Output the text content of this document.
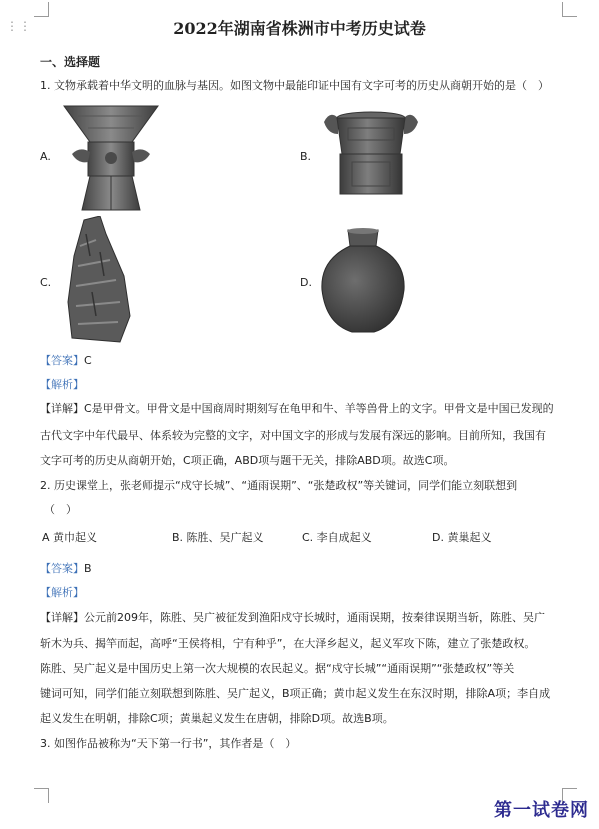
⋮⋮	2022年湖南省株洲市中考历史试卷
一、选择题
1. 文物承载着中华文明的血脉与基因。如图文物中最能印证中国有文字可考的历史从商朝开始的是（　）
A.	B.
C.	D.
【答案】C
【解析】
【详解】C是甲骨文。甲骨文是中国商周时期刻写在龟甲和牛、羊等兽骨上的文字。甲骨文是中国已发现的
古代文字中年代最早、体系较为完整的文字，对中国文字的形成与发展有深远的影响。目前所知，我国有
文字可考的历史从商朝开始，C项正确，ABD项与题干无关，排除ABD项。故选C项。
2. 历史课堂上，张老师提示“戍守长城”、“通雨误期”、“张楚政权”等关键词，同学们能立刻联想到
（　）
A 黄巾起义	B. 陈胜、吴广起义	C. 李自成起义	D. 黄巢起义
【答案】B
【解析】
【详解】公元前209年，陈胜、吴广被征发到渔阳戍守长城时，通雨误期，按秦律误期当斩，陈胜、吴广
斩木为兵、揭竿而起，高呼“王侯将相，宁有种乎”，在大泽乡起义，起义军攻下陈，建立了张楚政权。
陈胜、吴广起义是中国历史上第一次大规模的农民起义。据“戍守长城”“通雨误期”“张楚政权”等关
键词可知，同学们能立刻联想到陈胜、吴广起义，B项正确；黄巾起义发生在东汉时期，排除A项；李自成
起义发生在明朝，排除C项；黄巢起义发生在唐朝，排除D项。故选B项。
3. 如图作品被称为“天下第一行书”，其作者是（　）
第一试卷网
